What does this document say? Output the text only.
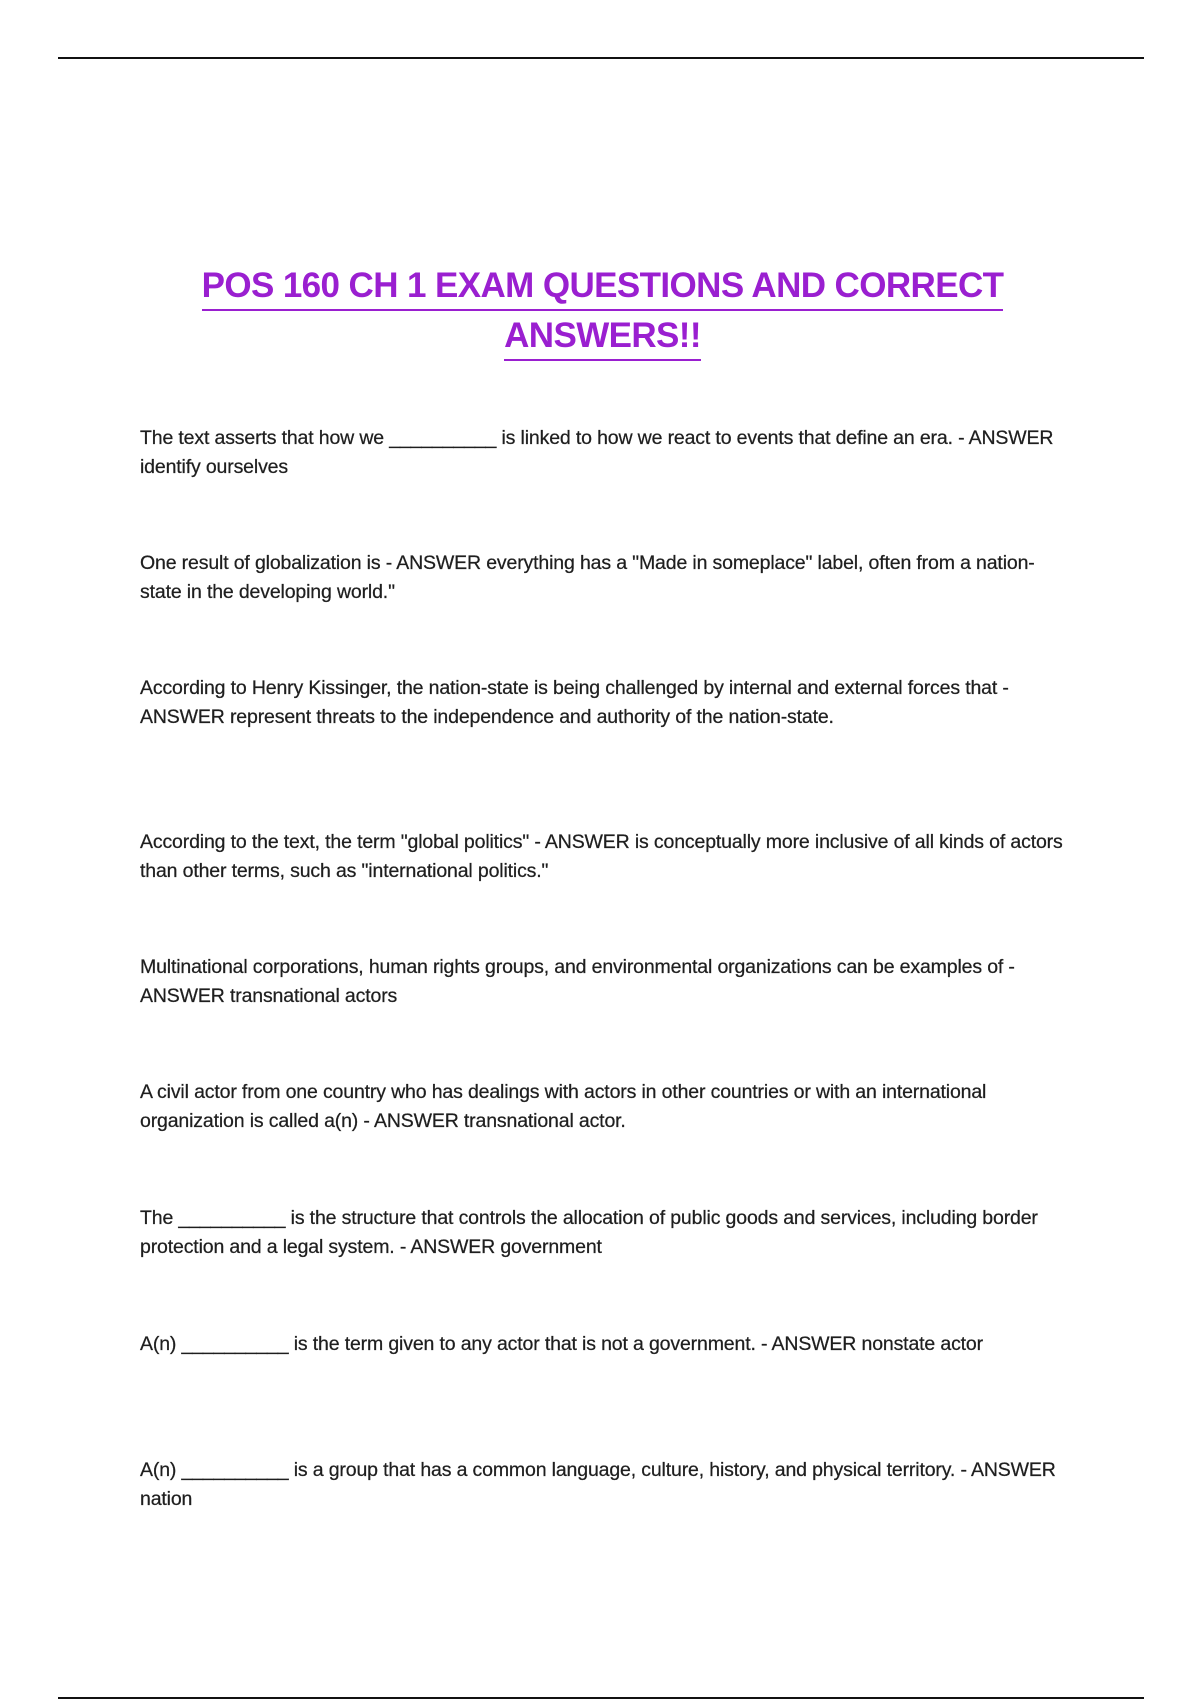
POS 160 CH 1 EXAM QUESTIONS AND CORRECT
ANSWERS!!
The text asserts that how we __________ is linked to how we react to events that define an era. - ANSWER identify ourselves
One result of globalization is - ANSWER everything has a "Made in someplace" label, often from a nation-state in the developing world."
According to Henry Kissinger, the nation-state is being challenged by internal and external forces that - ANSWER represent threats to the independence and authority of the nation-state.
According to the text, the term "global politics" - ANSWER is conceptually more inclusive of all kinds of actors than other terms, such as "international politics."
Multinational corporations, human rights groups, and environmental organizations can be examples of - ANSWER transnational actors
A civil actor from one country who has dealings with actors in other countries or with an international organization is called a(n) - ANSWER transnational actor.
The __________ is the structure that controls the allocation of public goods and services, including border protection and a legal system. - ANSWER government
A(n) __________ is the term given to any actor that is not a government. - ANSWER nonstate actor
A(n) __________ is a group that has a common language, culture, history, and physical territory. - ANSWER nation
